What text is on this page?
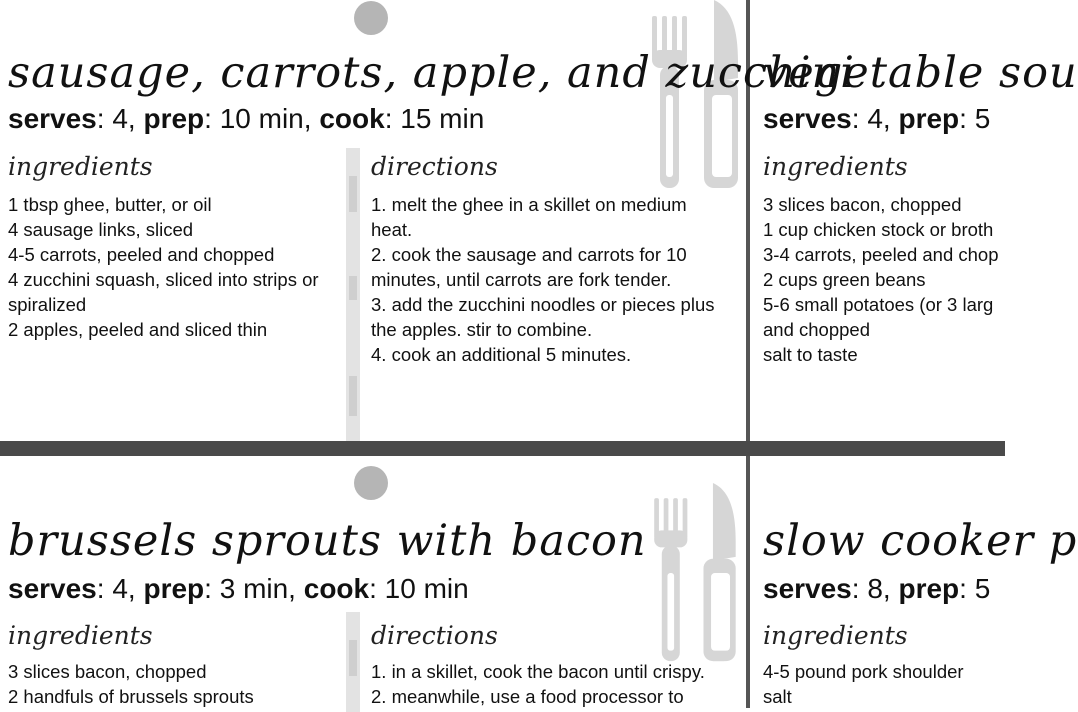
sausage, carrots, apple, and zucchini
serves: 4, prep: 10 min, cook: 15 min
ingredients	directions
1 tbsp ghee, butter, or oil
4 sausage links, sliced
4-5 carrots, peeled and chopped
4 zucchini squash, sliced into strips or spiralized
2 apples, peeled and sliced thin
1. melt the ghee in a skillet on medium heat.
2. cook the sausage and carrots for 10 minutes, until carrots are fork tender.
3. add the zucchini noodles or pieces plus the apples. stir to combine.
4. cook an additional 5 minutes.
vegetable sou
serves: 4, prep: 5
ingredients
3 slices bacon, chopped
1 cup chicken stock or broth
3-4 carrots, peeled and chop
2 cups green beans
5-6 small potatoes (or 3 larg
and chopped
salt to taste
brussels sprouts with bacon
serves: 4, prep: 3 min, cook: 10 min
ingredients	directions
3 slices bacon, chopped
2 handfuls of brussels sprouts
1. in a skillet, cook the bacon until crispy.
2. meanwhile, use a food processor to
slow cooker p
serves: 8, prep: 5
ingredients
4-5 pound pork shoulder
salt
